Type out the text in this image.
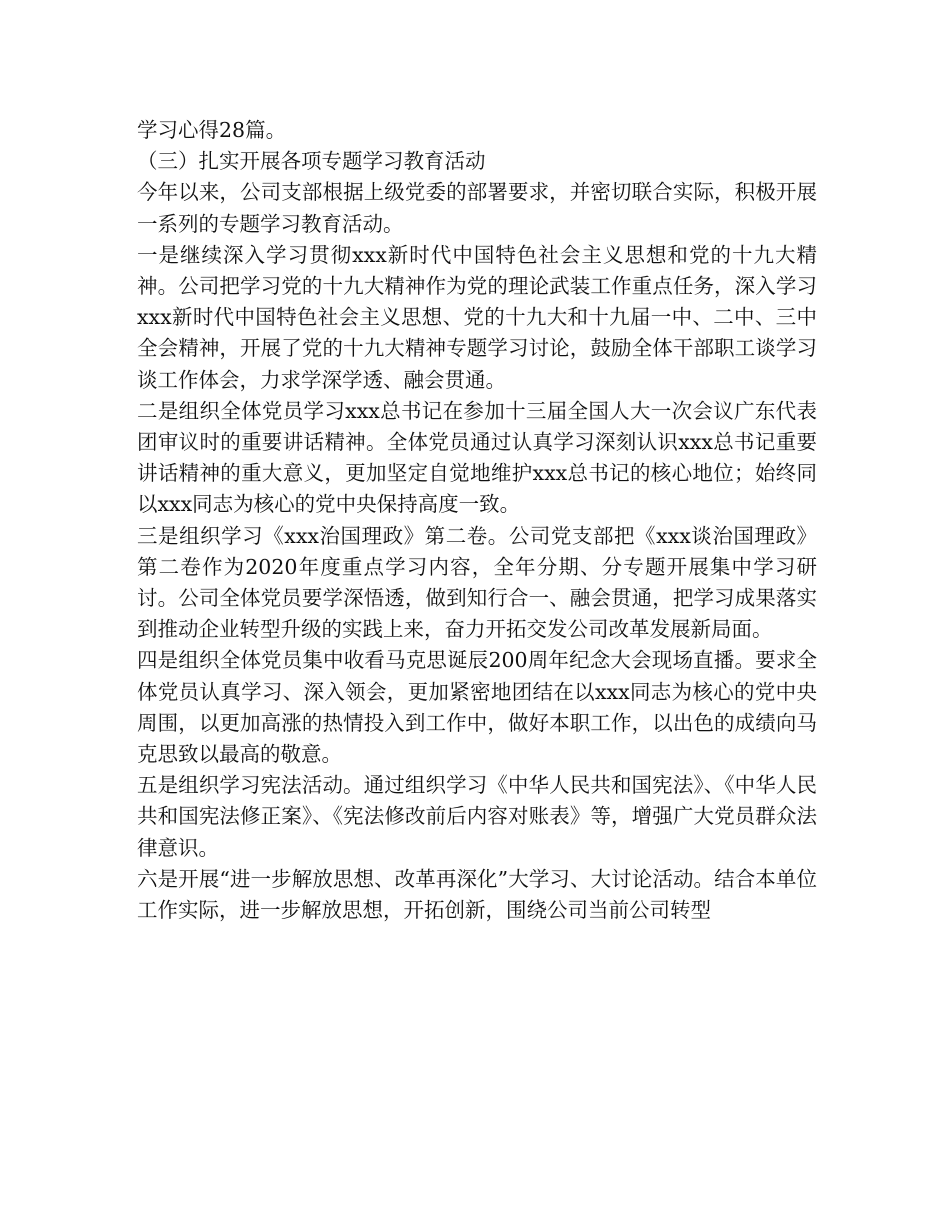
学习心得28篇。

（三）扎实开展各项专题学习教育活动

今年以来，公司支部根据上级党委的部署要求，并密切联合实际，积极开展一系列的专题学习教育活动。

一是继续深入学习贯彻xxx新时代中国特色社会主义思想和党的十九大精神。公司把学习党的十九大精神作为党的理论武装工作重点任务，深入学习xxx新时代中国特色社会主义思想、党的十九大和十九届一中、二中、三中全会精神，开展了党的十九大精神专题学习讨论，鼓励全体干部职工谈学习谈工作体会，力求学深学透、融会贯通。

二是组织全体党员学习xxx总书记在参加十三届全国人大一次会议广东代表团审议时的重要讲话精神。全体党员通过认真学习深刻认识xxx总书记重要讲话精神的重大意义，更加坚定自觉地维护xxx总书记的核心地位；始终同以xxx同志为核心的党中央保持高度一致。

三是组织学习《xxx治国理政》第二卷。公司党支部把《xxx谈治国理政》第二卷作为2020年度重点学习内容，全年分期、分专题开展集中学习研讨。公司全体党员要学深悟透，做到知行合一、融会贯通，把学习成果落实到推动企业转型升级的实践上来，奋力开拓交发公司改革发展新局面。

四是组织全体党员集中收看马克思诞辰200周年纪念大会现场直播。要求全体党员认真学习、深入领会，更加紧密地团结在以xxx同志为核心的党中央周围，以更加高涨的热情投入到工作中，做好本职工作，以出色的成绩向马克思致以最高的敬意。

五是组织学习宪法活动。通过组织学习《中华人民共和国宪法》、《中华人民共和国宪法修正案》、《宪法修改前后内容对账表》等，增强广大党员群众法律意识。

六是开展“进一步解放思想、改革再深化”大学习、大讨论活动。结合本单位工作实际，进一步解放思想，开拓创新，围绕公司当前公司转型
